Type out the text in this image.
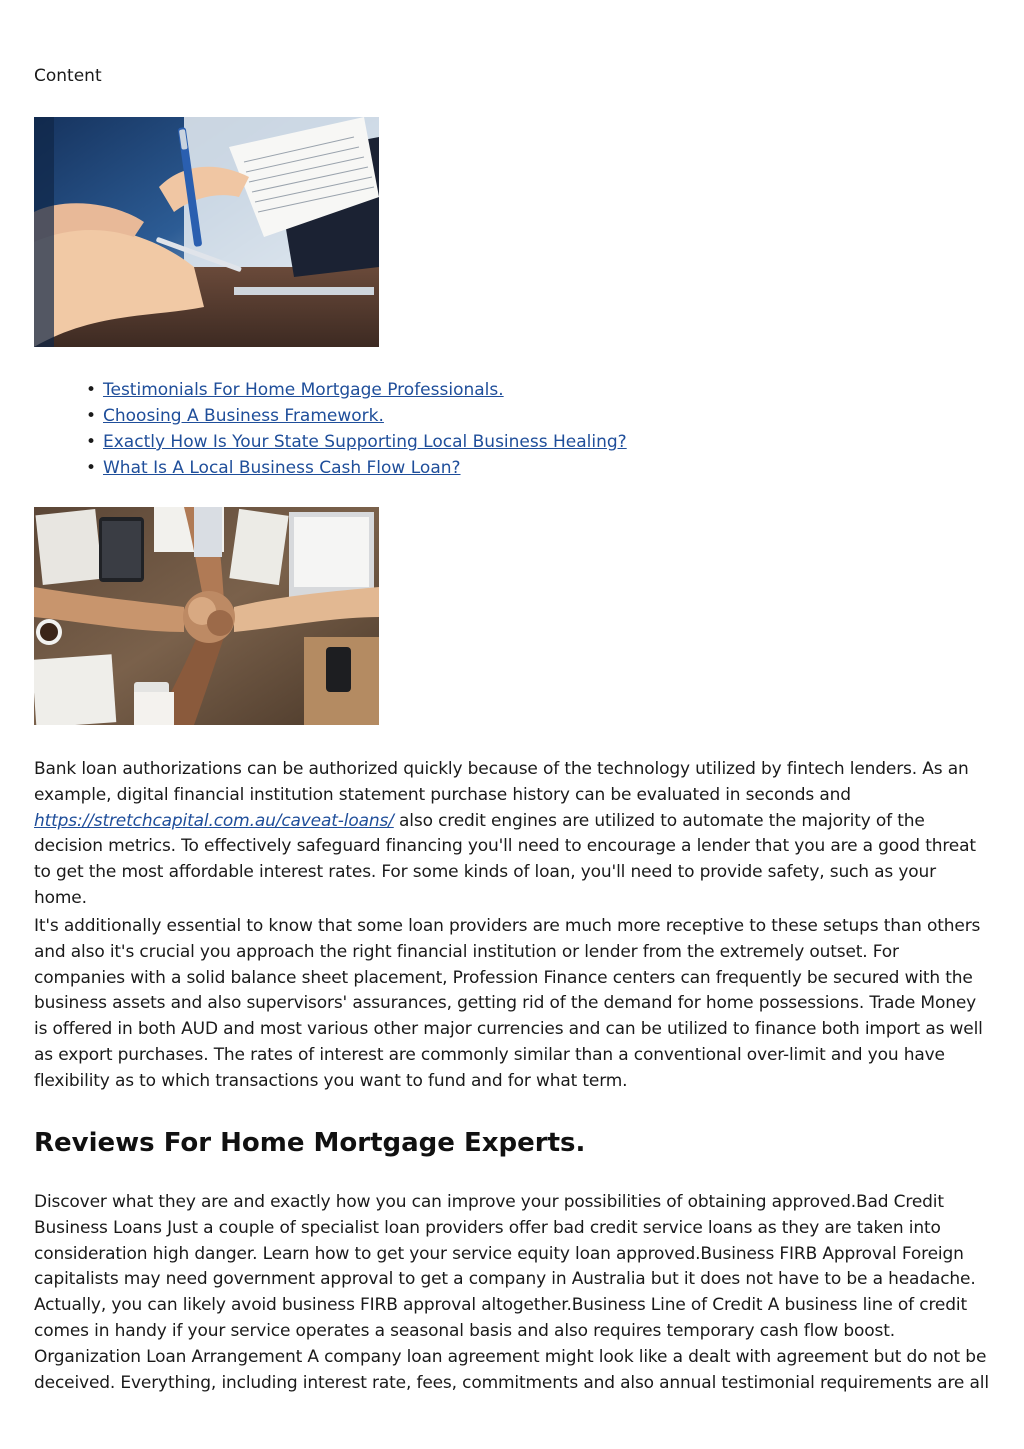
Content
• Testimonials For Home Mortgage Professionals.
• Choosing A Business Framework.
• Exactly How Is Your State Supporting Local Business Healing?
• What Is A Local Business Cash Flow Loan?

Bank loan authorizations can be authorized quickly because of the technology utilized by fintech lenders. As an example, digital financial institution statement purchase history can be evaluated in seconds and https://stretchcapital.com.au/caveat-loans/ also credit engines are utilized to automate the majority of the decision metrics. To effectively safeguard financing you'll need to encourage a lender that you are a good threat to get the most affordable interest rates. For some kinds of loan, you'll need to provide safety, such as your home.

It's additionally essential to know that some loan providers are much more receptive to these setups than others and also it's crucial you approach the right financial institution or lender from the extremely outset. For companies with a solid balance sheet placement, Profession Finance centers can frequently be secured with the business assets and also supervisors' assurances, getting rid of the demand for home possessions. Trade Money is offered in both AUD and most various other major currencies and can be utilized to finance both import as well as export purchases. The rates of interest are commonly similar than a conventional over-limit and you have flexibility as to which transactions you want to fund and for what term.

Reviews For Home Mortgage Experts.

Discover what they are and exactly how you can improve your possibilities of obtaining approved.Bad Credit Business Loans Just a couple of specialist loan providers offer bad credit service loans as they are taken into consideration high danger. Learn how to get your service equity loan approved.Business FIRB Approval Foreign capitalists may need government approval to get a company in Australia but it does not have to be a headache. Actually, you can likely avoid business FIRB approval altogether.Business Line of Credit A business line of credit comes in handy if your service operates a seasonal basis and also requires temporary cash flow boost. Organization Loan Arrangement A company loan agreement might look like a dealt with agreement but do not be deceived. Everything, including interest rate, fees, commitments and also annual testimonial requirements are all
